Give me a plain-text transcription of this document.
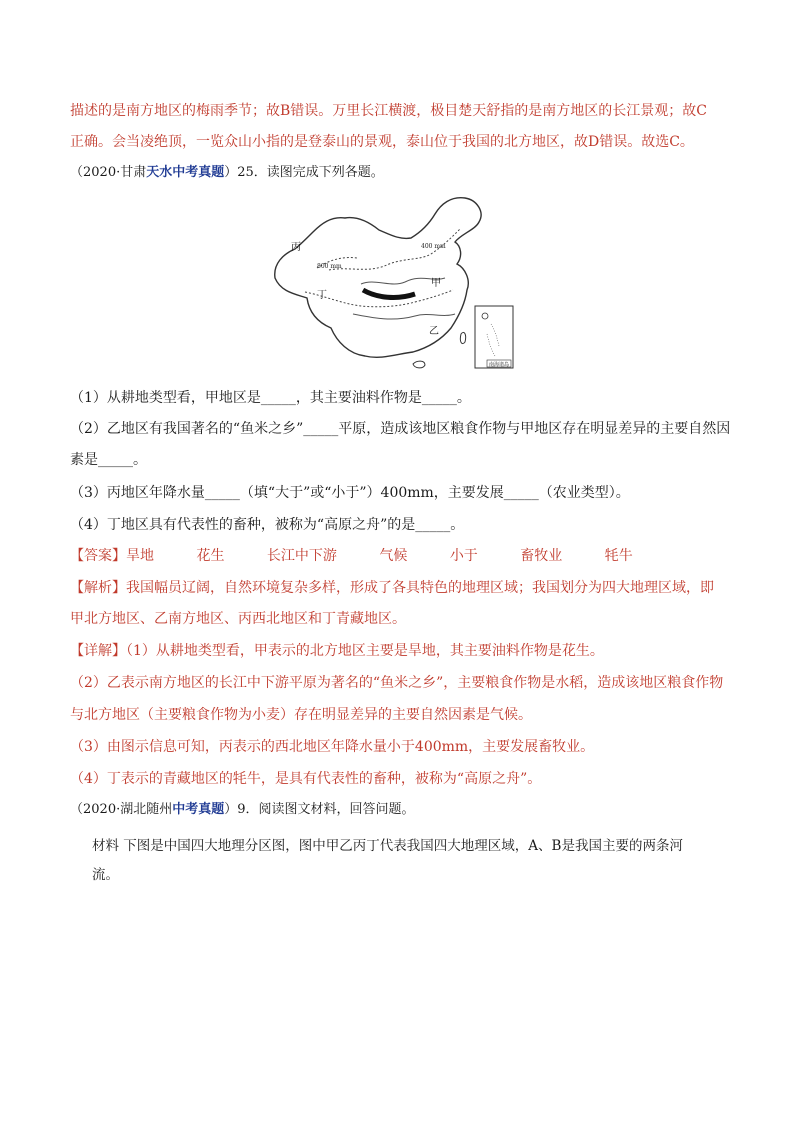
描述的是南方地区的梅雨季节；故B错误。万里长江横渡，极目楚天舒指的是南方地区的长江景观；故C
正确。会当凌绝顶，一览众山小指的是登泰山的景观，泰山位于我国的北方地区，故D错误。故选C。
（2020·甘肃天水中考真题）25．读图完成下列各题。
丙
丁
甲
乙
400 mm
800 mm
南海诸岛
（1）从耕地类型看，甲地区是_____，其主要油料作物是_____。
（2）乙地区有我国著名的“鱼米之乡”_____平原，造成该地区粮食作物与甲地区存在明显差异的主要自然因
素是_____。
（3）丙地区年降水量_____（填“大于”或“小于”）400mm，主要发展_____（农业类型）。
（4）丁地区具有代表性的畜种，被称为“高原之舟”的是_____。
【答案】旱地	花生	长江中下游	气候	小于	畜牧业	牦牛
【解析】我国幅员辽阔，自然环境复杂多样，形成了各具特色的地理区域；我国划分为四大地理区域，即
甲北方地区、乙南方地区、丙西北地区和丁青藏地区。
【详解】（1）从耕地类型看，甲表示的北方地区主要是旱地，其主要油料作物是花生。
（2）乙表示南方地区的长江中下游平原为著名的“鱼米之乡”，主要粮食作物是水稻，造成该地区粮食作物
与北方地区（主要粮食作物为小麦）存在明显差异的主要自然因素是气候。
（3）由图示信息可知，丙表示的西北地区年降水量小于400mm，主要发展畜牧业。
（4）丁表示的青藏地区的牦牛，是具有代表性的畜种，被称为“高原之舟”。
（2020·湖北随州中考真题）9．阅读图文材料，回答问题。
材料 下图是中国四大地理分区图，图中甲乙丙丁代表我国四大地理区域，A、B是我国主要的两条河
流。
